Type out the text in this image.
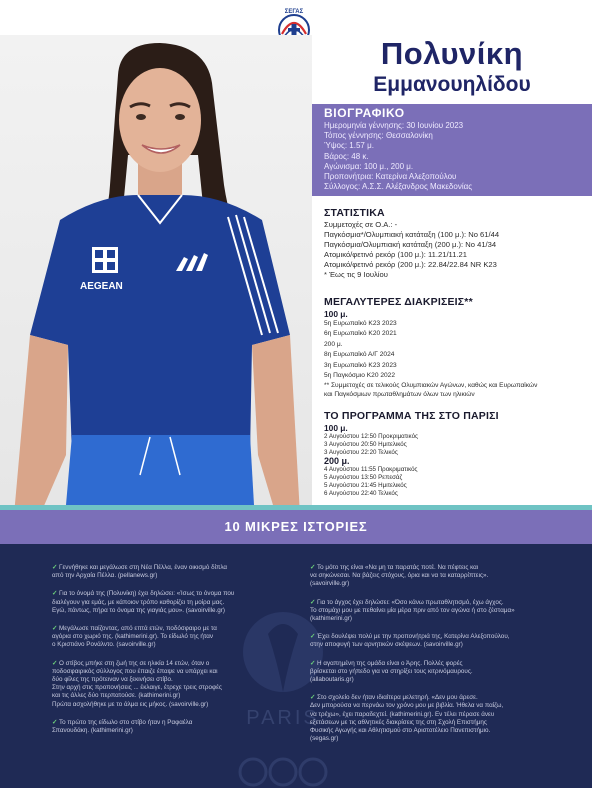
ΣΕΓΑΣ
AEGEAN
Πολυνίκη
Εμμανουηλίδου
ΒΙΟΓΡΑΦΙΚΟ
Ημερομηνία γέννησης: 30 Ιουνίου 2023
Τόπος γέννησης: Θεσσαλονίκη
Ύψος: 1.57 μ.
Βάρος: 48 κ.
Αγώνισμα: 100 μ., 200 μ.
Προπονήτρια: Κατερίνα Αλεξοπούλου
Σύλλογος: Α.Σ.Σ. Αλέξανδρος Μακεδονίας
ΣΤΑΤΙΣΤΙΚΑ
Συμμετοχές σε Ο.Α.: -
Παγκόσμια*/Ολυμπιακή κατάταξη (100 μ.): Νο 61/44
Παγκόσμια/Ολυμπιακή κατάταξη (200 μ.): Νο 41/34
Ατομικό/φετινό ρεκόρ (100 μ.): 11.21/11.21
Ατομικό/φετινό ρεκόρ (200 μ.): 22.84/22.84 NR K23
* Έως τις 9 Ιουλίου
ΜΕΓΑΛΥΤΕΡΕΣ ΔΙΑΚΡΙΣΕΙΣ**
100 μ.
5η Ευρωπαϊκό Κ23 2023
6η Ευρωπαϊκό Κ20 2021
200 μ.
8η Ευρωπαϊκό Α/Γ 2024
3η Ευρωπαϊκό Κ23 2023
5η Παγκόσμιο Κ20 2022
** Συμμετοχές σε τελικούς Ολυμπιακών Αγώνων, καθώς και Ευρωπαϊκών
και Παγκόσμιων πρωταθλημάτων όλων των ηλικιών
ΤΟ ΠΡΟΓΡΑΜΜΑ ΤΗΣ ΣΤΟ ΠΑΡΙΣΙ
100 μ.
2 Αυγούστου 12:50 Προκριματικός
3 Αυγούστου 20:50 Ημιτελικός
3 Αυγούστου 22:20 Τελικός
200 μ.
4 Αυγούστου 11:55 Προκριματικός
5 Αυγούστου 13:50 Ρεπεσάζ
5 Αυγούστου 21:45 Ημιτελικός
6 Αυγούστου 22:40 Τελικός
10 ΜΙΚΡΕΣ ΙΣΤΟΡΙΕΣ
PARIS
✓ Γεννήθηκε και μεγάλωσε στη Νέα Πέλλα, έναν οικισμό δίπλα
από την Αρχαία Πέλλα. (pellanews.gr)
✓ Για το όνομά της (Πολυνίκη) έχει δηλώσει: «Ίσως το όνομα που
διαλέγουν για εμάς, με κάποιον τρόπο καθορίζει τη μοίρα μας.
Εγώ, πάντως, πήρα το όνομα της γιαγιάς μου». (savoirville.gr)
✓ Μεγάλωσε παίζοντας, από επτά ετών, ποδόσφαιρο με τα
αγόρια στο χωριό της. (kathimerini.gr). Το είδωλό της ήταν
ο Κριστιάνο Ρονάλντο. (savoirville.gr)
✓ Ο στίβος μπήκε στη ζωή της σε ηλικία 14 ετών, όταν ο
ποδοσφαιρικός σύλλογος που έπαιζε έπαψε να υπάρχει και
δύο φίλες της πρότειναν να ξεκινήσει στίβο.
Στην αρχή στις προπονήσεις ... έκλαιγε, έτρεχε τρεις στροφές
και τις άλλες δύο περπατούσε. (kathimerini.gr)
Πρώτα ασχολήθηκε με το άλμα εις μήκος. (savoirville.gr)
✓ Το πρώτο της είδωλο στο στίβο ήταν η Ραφαέλα
Σπανουδάκη. (kathimerini.gr)
✓ Το μότο της είναι «Να μη τα παρατάς ποτέ. Να πέφτεις και
να σηκώνεσαι. Να βάζεις στόχους, όρια και να τα καταρρίπτεις».
(savoirville.gr)
✓ Για το άγχος έχει δηλώσει: «Όσο κάνω πρωταθλητισμό, έχω άγχος.
Το στομάχι μου με πεθαίνει μία μέρα πριν από τον αγώνα ή στο ζέσταμα»
(kathimerini.gr)
✓ Έχει δουλέψει πολύ με την προπονήτριά της, Κατερίνα Αλεξοπούλου,
στην αποφυγή των αρνητικών σκέψεων. (savoirville.gr)
✓ Η αγαπημένη της ομάδα είναι ο Άρης. Πολλές φορές
βρίσκεται στο γήπεδο για να στηρίξει τους κιτρινόμαυρους.
(allaboutaris.gr)
✓ Στο σχολείο δεν ήταν ιδιαίτερα μελετηρή. «Δεν μου άρεσε.
Δεν μπορούσα να περνάω τον χρόνο μου με βιβλία. Ήθελα να παίζω,
να τρέχω», έχει παραδεχτεί. (kathimerini.gr). Εν τέλει πέρασε άνευ
εξετάσεων με τις αθλητικές διακρίσεις της στη Σχολή Επιστήμης
Φυσικής Αγωγής και Αθλητισμού στο Αριστοτέλειο Πανεπιστήμιο.
(segas.gr)
